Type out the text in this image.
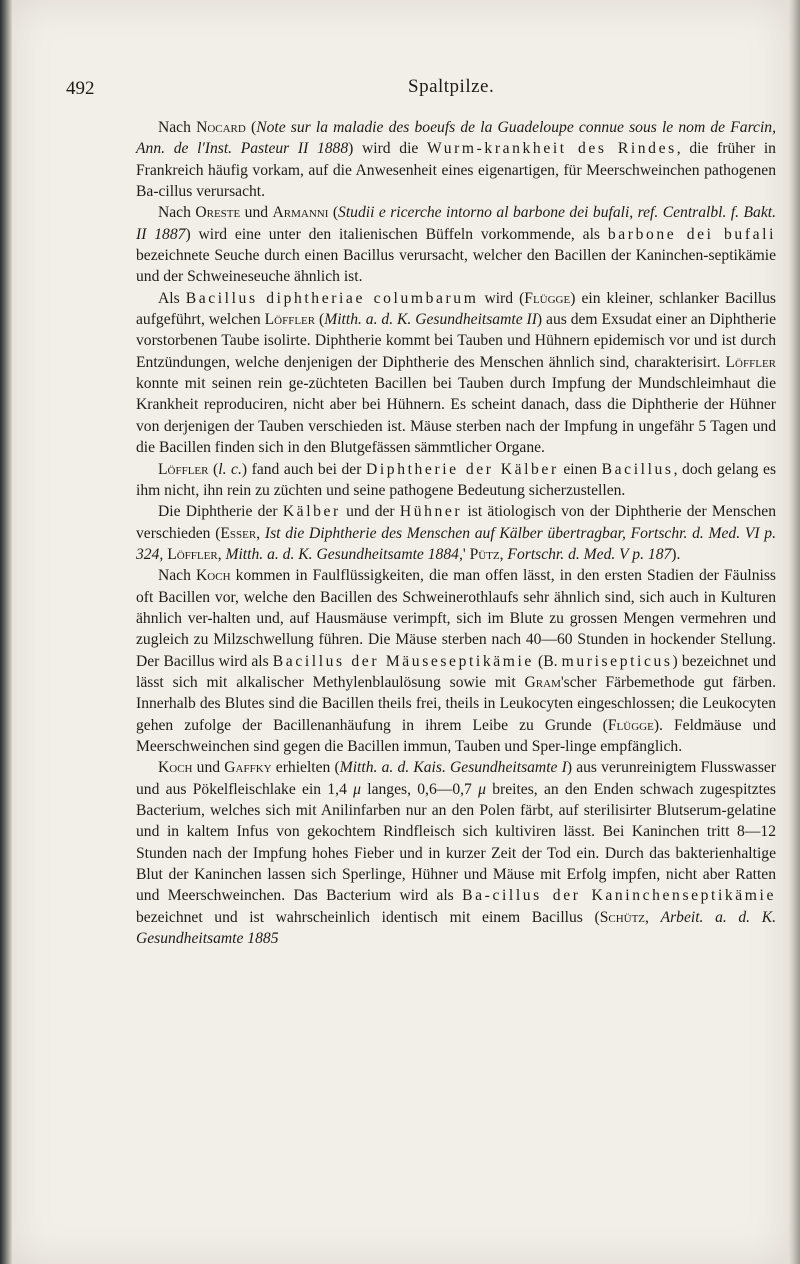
492	Spaltpilze.

Nach Nocard (Note sur la maladie des boeufs de la Guadeloupe connue sous le nom de Farcin, Ann. de l'Inst. Pasteur II 1888) wird die Wurm-krankheit des Rindes, die früher in Frankreich häufig vorkam, auf die Anwesenheit eines eigenartigen, für Meerschweinchen pathogenen Ba-cillus verursacht.

Nach Oreste und Armanni (Studii e ricerche intorno al barbone dei bufali, ref. Centralbl. f. Bakt. II 1887) wird eine unter den italienischen Büffeln vorkommende, als barbone dei bufali bezeichnete Seuche durch einen Bacillus verursacht, welcher den Bacillen der Kaninchen-septikämie und der Schweineseuche ähnlich ist.

Als Bacillus diphtheriae columbarum wird (Flügge) ein kleiner, schlanker Bacillus aufgeführt, welchen Löffler (Mitth. a. d. K. Gesundheitsamte II) aus dem Exsudat einer an Diphtherie vorstorbenen Taube isolirte. Diphtherie kommt bei Tauben und Hühnern epidemisch vor und ist durch Entzündungen, welche denjenigen der Diphtherie des Menschen ähnlich sind, charakterisirt. Löffler konnte mit seinen rein ge-züchteten Bacillen bei Tauben durch Impfung der Mundschleimhaut die Krankheit reproduciren, nicht aber bei Hühnern. Es scheint danach, dass die Diphtherie der Hühner von derjenigen der Tauben verschieden ist. Mäuse sterben nach der Impfung in ungefähr 5 Tagen und die Bacillen finden sich in den Blutgefässen sämmtlicher Organe.

Löffler (l. c.) fand auch bei der Diphtherie der Kälber einen Bacillus, doch gelang es ihm nicht, ihn rein zu züchten und seine pathogene Bedeutung sicherzustellen.

Die Diphtherie der Kälber und der Hühner ist ätiologisch von der Diphtherie der Menschen verschieden (Esser, Ist die Diphtherie des Menschen auf Kälber übertragbar, Fortschr. d. Med. VI p. 324, Löffler, Mitth. a. d. K. Gesundheitsamte 1884,' Pütz, Fortschr. d. Med. V p. 187).

Nach Koch kommen in Faulflüssigkeiten, die man offen lässt, in den ersten Stadien der Fäulniss oft Bacillen vor, welche den Bacillen des Schweinerothlaufs sehr ähnlich sind, sich auch in Kulturen ähnlich ver-halten und, auf Hausmäuse verimpft, sich im Blute zu grossen Mengen vermehren und zugleich zu Milzschwellung führen. Die Mäuse sterben nach 40—60 Stunden in hockender Stellung. Der Bacillus wird als Bacillus der Mäuseseptikämie (B. murisepticus) bezeichnet und lässt sich mit alkalischer Methylenblaulösung sowie mit Gram'scher Färbemethode gut färben. Innerhalb des Blutes sind die Bacillen theils frei, theils in Leukocyten eingeschlossen; die Leukocyten gehen zufolge der Bacillenanhäufung in ihrem Leibe zu Grunde (Flügge). Feldmäuse und Meerschweinchen sind gegen die Bacillen immun, Tauben und Sper-linge empfänglich.

Koch und Gaffky erhielten (Mitth. a. d. Kais. Gesundheitsamte I) aus verunreinigtem Flusswasser und aus Pökelfleischlake ein 1,4 μ langes, 0,6—0,7 μ breites, an den Enden schwach zugespitztes Bacterium, welches sich mit Anilinfarben nur an den Polen färbt, auf sterilisirter Blutserum-gelatine und in kaltem Infus von gekochtem Rindfleisch sich kultiviren lässt. Bei Kaninchen tritt 8—12 Stunden nach der Impfung hohes Fieber und in kurzer Zeit der Tod ein. Durch das bakterienhaltige Blut der Kaninchen lassen sich Sperlinge, Hühner und Mäuse mit Erfolg impfen, nicht aber Ratten und Meerschweinchen. Das Bacterium wird als Ba-cillus der Kaninchenseptikämie bezeichnet und ist wahrscheinlich identisch mit einem Bacillus (Schütz, Arbeit. a. d. K. Gesundheitsamte 1885
